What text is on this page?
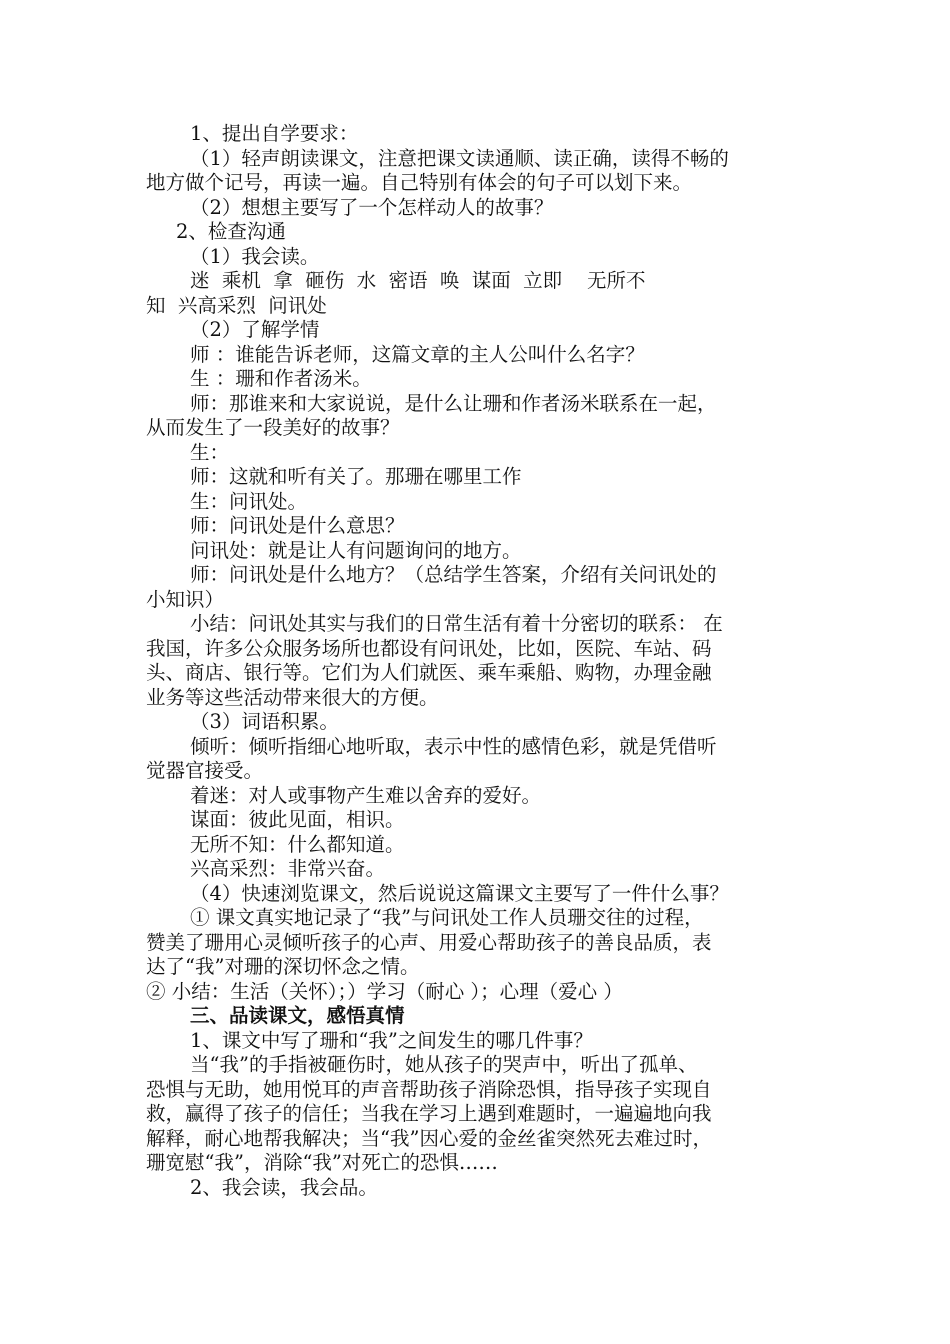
1、提出自学要求：
（1）轻声朗读课文，注意把课文读通顺、读正确，读得不畅的
地方做个记号，再读一遍。自己特别有体会的句子可以划下来。
（2）想想主要写了一个怎样动人的故事？
2、检查沟通
（1）我会读。
迷  乘机  拿  砸伤  水  密语  唤  谋面  立即    无所不
知  兴高采烈  问讯处
（2）了解学情
师 ：谁能告诉老师，这篇文章的主人公叫什么名字？
生 ：珊和作者汤米。
师：那谁来和大家说说，是什么让珊和作者汤米联系在一起，
从而发生了一段美好的故事？
生：
师：这就和听有关了。那珊在哪里工作
生：问讯处。
师：问讯处是什么意思？
问讯处：就是让人有问题询问的地方。
师：问讯处是什么地方？（总结学生答案，介绍有关问讯处的
小知识）
小结：问讯处其实与我们的日常生活有着十分密切的联系： 在
我国，许多公众服务场所也都设有问讯处，比如，医院、车站、码
头、商店、银行等。它们为人们就医、乘车乘船、购物，办理金融
业务等这些活动带来很大的方便。
（3）词语积累。
倾听：倾听指细心地听取，表示中性的感情色彩，就是凭借听
觉器官接受。
着迷：对人或事物产生难以舍弃的爱好。
谋面：彼此见面，相识。
无所不知：什么都知道。
兴高采烈：非常兴奋。
（4）快速浏览课文，然后说说这篇课文主要写了一件什么事？
① 课文真实地记录了“我”与问讯处工作人员珊交往的过程，
赞美了珊用心灵倾听孩子的心声、用爱心帮助孩子的善良品质，表
达了“我”对珊的深切怀念之情。
② 小结：生活（关怀）；）学习（耐心 ）；心理（爱心 ）
三、品读课文，感悟真情
1、课文中写了珊和“我”之间发生的哪几件事？
当“我”的手指被砸伤时，她从孩子的哭声中，听出了孤单、
恐惧与无助，她用悦耳的声音帮助孩子消除恐惧，指导孩子实现自
救，赢得了孩子的信任；当我在学习上遇到难题时，一遍遍地向我
解释，耐心地帮我解决；当“我”因心爱的金丝雀突然死去难过时，
珊宽慰“我”，消除“我”对死亡的恐惧……
2、我会读，我会品。
